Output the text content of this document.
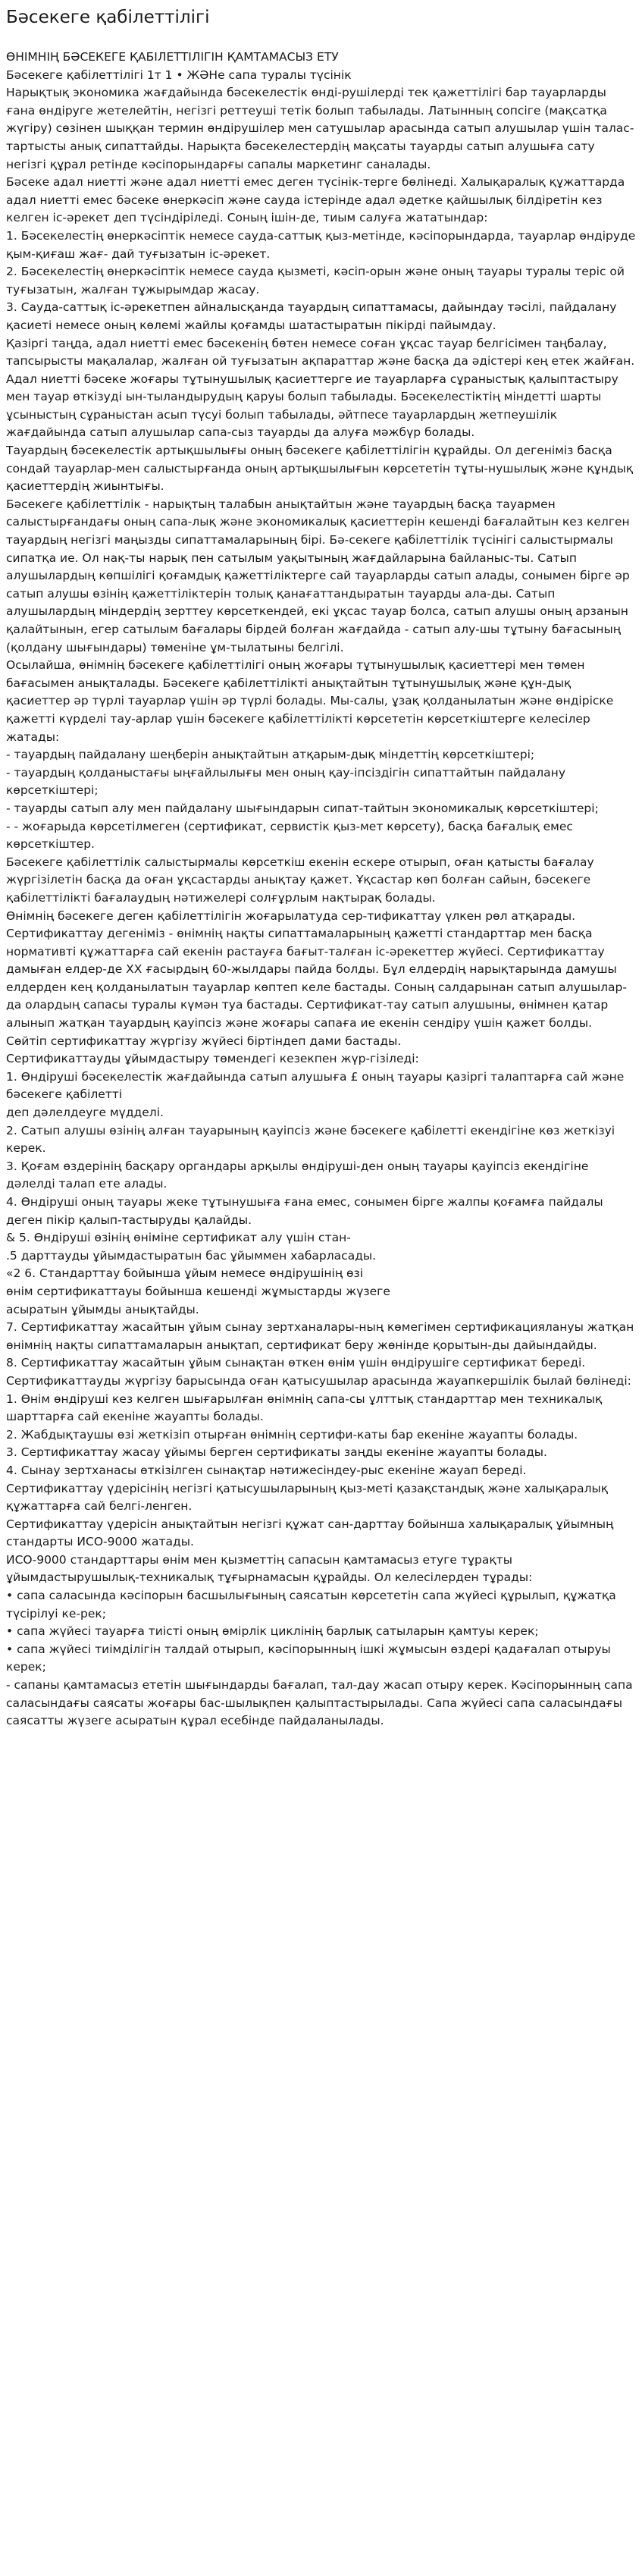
Бәсекеге қабілеттілігі

ӨНІМНІҢ БӘСЕКЕГЕ ҚАБІЛЕТТІЛІГІН ҚАМТАМАСЫЗ ЕТУ

Бәсекеге қабілеттілігі 1т 1 • ЖӘНе сапа туралы түсінік

Нарықтық экономика жағдайында бәсекелестік өнді-рушілерді тек қажеттілігі бар тауарларды ғана өндіруге жетелейтін, негізгі реттеуші тетік болып табылады. Латынның сопсіге (мақсатқа жүгіру) сөзінен шыққан термин өндірушілер мен сатушылар арасында сатып алушылар үшін талас-тартысты анық сипаттайды. Нарықта бәсекелестердің мақсаты тауарды сатып алушыға сату негізгі құрал ретінде кәсіпорындарғы сапалы маркетинг саналады.

Бәсеке адал ниетті және адал ниетті емес деген түсінік-терге бөлінеді. Халықаралық құжаттарда адал ниетті емес бәсеке өнеркәсіп және сауда істерінде адал әдетке қайшылық білдіретін кез келген іс-әрекет деп түсіндіріледі. Соның ішін-де, тиым салуға жататындар:

1. Бәсекелестің өнеркәсіптік немесе сауда-саттық қыз-метінде, кәсіпорындарда, тауарлар өндіруде қым-қиғаш жағ- дай туғызатын іс-әрекет.

2. Бәсекелестің өнеркәсіптік немесе сауда қызметі, кәсіп-орын және оның тауары туралы теріс ой туғызатын, жалған тұжырымдар жасау.

3. Сауда-саттық іс-әрекетпен айналысқанда тауардың сипаттамасы, дайындау тәсілі, пайдалану қасиеті немесе оның көлемі жайлы қоғамды шатастыратын пікірді пайымдау.

Қазіргі таңда, адал ниетті емес бәсекенің бөтен немесе соған ұқсас тауар белгісімен таңбалау, тапсырысты мақалалар, жалған ой туғызатын ақпараттар және басқа да әдістері кең етек жайған.

Адал ниетті бәсеке жоғары тұтынушылық қасиеттерге ие тауарларға сұраныстық қалыптастыру мен тауар өткізуді ын-тыландырудың қаруы болып табылады. Бәсекелестіктің міндетті шарты ұсыныстың сұраныстан асып түсуі болып табылады, әйтпесе тауарлардың жетпеушілік жағдайында сатып алушылар сапа-сыз тауарды да алуға мәжбүр болады.

Тауардың бәсекелестік артықшылығы оның бәсекеге қабілеттілігін құрайды. Ол дегеніміз басқа сондай тауарлар-мен салыстырғанда оның артықшылығын көрсететін тұты-нушылық және құндық қасиеттердің жиынтығы.

Бәсекеге қабілеттілік - нарықтың талабын анықтайтын және тауардың басқа тауармен салыстырғандағы оның сапа-лық және экономикалық қасиеттерін кешенді бағалайтын кез келген тауардың негізгі маңызды сипаттамаларының бірі. Бә-секеге қабілеттілік түсінігі салыстырмалы сипатқа ие. Ол нақ-ты нарық пен сатылым уақытының жағдайларына байланыс-ты. Сатып алушылардың көпшілігі қоғамдық қажеттіліктерге сай тауарларды сатып алады, сонымен бірге әр сатып алушы өзінің қажеттіліктерін толық қанағаттандыратын тауарды ала-ды. Сатып алушылардың міндердің зерттеу көрсеткендей, екі ұқсас тауар болса, сатып алушы оның арзанын қалайтынын, егер сатылым бағалары бірдей болған жағдайда - сатып алу-шы тұтыну бағасының (қолдану шығындары) төменіне ұм-тылатыны белгілі.

Осылайша, өнімнің бәсекеге қабілеттілігі оның жоғары тұтынушылық қасиеттері мен төмен бағасымен анықталады. Бәсекеге қабілеттілікті анықтайтын тұтынушылық және құн-дық қасиеттер әр түрлі тауарлар үшін әр түрлі болады. Мы-салы, ұзақ қолданылатын және өндіріске қажетті күрделі тау-арлар үшін бәсекеге қабілеттілікті көрсететін көрсеткіштерге келесілер жатады:

- тауардың пайдалану шеңберін анықтайтын атқарым-дық міндеттің көрсеткіштері;

- тауардың қолданыстағы ыңғайлылығы мен оның қау-іпсіздігін сипаттайтын пайдалану көрсеткіштері;

- тауарды сатып алу мен пайдалану шығындарын сипат-тайтын экономикалық көрсеткіштері;

- - жоғарыда көрсетілмеген (сертификат, сервистік қыз-мет көрсету), басқа бағалық емес көрсеткіштер.

Бәсекеге қабілеттілік салыстырмалы көрсеткіш екенін ескере отырып, оған қатысты бағалау жүргізілетін басқа да оған ұқсастарды анықтау қажет. Ұқсастар көп болған сайын, бәсекеге қабілеттілікті бағалаудың нәтижелері солғұрлым нақтырақ болады.

Өнімнің бәсекеге деген қабілеттілігін жоғарылатуда сер-тификаттау үлкен рөл атқарады. Сертификаттау дегеніміз - өнімнің нақты сипаттамаларының қажетті стандарттар мен басқа нормативті құжаттарға сай екенін растауға бағыт-талған іс-әрекеттер жүйесі. Сертификаттау дамыған елдер-де XX ғасырдың 60-жылдары пайда болды. Бұл елдердің нарықтарында дамушы елдерден кең қолданылатын тауарлар көптеп келе бастады. Соның салдарынан сатып алушылар-да олардың сапасы туралы күмән туа бастады. Сертификат-тау сатып алушыны, өнімнен қатар алынып жатқан тауардың қауіпсіз және жоғары сапаға ие екенін сендіру үшін қажет болды. Сөйтіп сертификаттау жүргізу жүйесі біртіндеп дами бастады.

Сертификаттауды ұйымдастыру төмендегі кезекпен жүр-гізіледі:

1. Өндіруші бәсекелестік жағдайында сатып алушыға £ оның тауары қазіргі талаптарға сай және бәсекеге қабілетті

деп дәлелдеуге мүдделі.

2. Сатып алушы өзінің алған тауарының қауіпсіз және бәсекеге қабілетті екендігіне көз жеткізуі керек.

3. Қоғам өздерінің басқару органдары арқылы өндіруші-ден оның тауары қауіпсіз екендігіне дәлелді талап ете алады.

4. Өндіруші оның тауары жеке тұтынушыға ғана емес, сонымен бірге жалпы қоғамға пайдалы деген пікір қалып-тастыруды қалайды.

& 5. Өндіруші өзінің өніміне сертификат алу үшін стан-

.5 дарттауды ұйымдастыратын бас ұйыммен хабарласады.

«2 6. Стандарттау бойынша ұйым немесе өндірушінің өзі

өнім сертификаттауы бойынша кешенді жұмыстарды жүзеге

асыратын ұйымды анықтайды.

7. Сертификаттау жасайтын ұйым сынау зертханалары-ның көмегімен сертификациялануы жатқан өнімнің нақты сипаттамаларын анықтап, сертификат беру жөнінде қорытын-ды дайындайды.

8. Сертификаттау жасайтын ұйым сынақтан өткен өнім үшін өндірушіге сертификат береді.

Сертификаттауды жүргізу барысында оған қатысушылар арасында жауапкершілік былай бөлінеді:

1. Өнім өндіруші кез келген шығарылған өнімнің сапа-сы ұлттық стандарттар мен техникалық шарттарға сай екеніне жауапты болады.

2. Жабдықтаушы өзі жеткізіп отырған өнімнің сертифи-каты бар екеніне жауапты болады.

3. Сертификаттау жасау ұйымы берген сертификаты заңды екеніне жауапты болады.

4. Сынау зертханасы өткізілген сынақтар нәтижесіндеу-рыс екеніне жауап береді.

Сертификаттау үдерісінің негізгі қатысушыларының қыз-меті қазақстандық және халықаралық құжаттарға сай белгі-ленген.

Сертификаттау үдерісін анықтайтын негізгі құжат сан-дарттау бойынша халықаралық ұйымның стандарты ИСО-9000 жатады.

ИСО-9000 стандарттары өнім мен қызметтің сапасын қамтамасыз етуге тұрақты ұйымдастырушылық-техникалық тұғырнамасын құрайды. Ол келесілерден тұрады:

• сапа саласында кәсіпорын басшылығының саясатын көрсететін сапа жүйесі құрылып, құжатқа түсірілуі ке-рек;

• сапа жүйесі тауарға тиісті оның өмірлік циклінің барлық сатыларын қамтуы керек;

• сапа жүйесі тиімділігін талдай отырып, кәсіпорынның ішкі жұмысын өздері қадағалап отыруы керек;

- сапаны қамтамасыз ететін шығындарды бағалап, тал-дау жасап отыру керек. Кәсіпорынның сапа саласындағы саясаты жоғары бас-шылықпен қалыптастырылады. Сапа жүйесі сапа саласындағы саясатты жүзеге асыратын құрал есебінде пайдаланылады.
